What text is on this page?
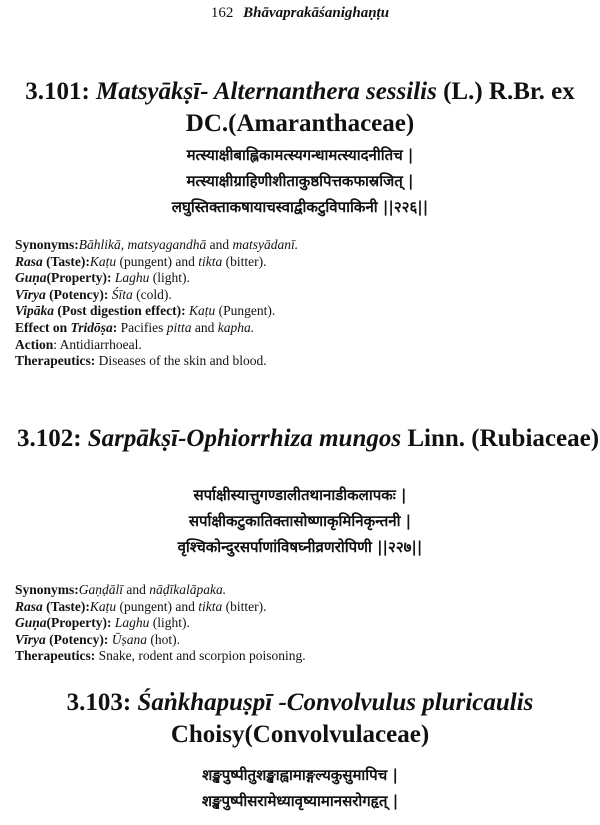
162 Bhāvaprakāśanighaṇṭu
3.101: Matsyākṣī- Alternanthera sessilis (L.) R.Br. ex
DC.(Amaranthaceae)
मत्स्याक्षीबाह्लिकामत्स्यगन्धामत्स्यादनीतिच |
मत्स्याक्षीग्राहिणीशीताकुष्ठपित्तकफास्रजित् |
लघुस्तिक्ताकषायाचस्वाद्वीकटुविपाकिनी ||२२६||
Synonyms:Bāhlikā, matsyagandhā and matsyādanī.
Rasa (Taste):Kaṭu (pungent) and tikta (bitter).
Guṇa(Property): Laghu (light).
Vīrya (Potency): Śīta (cold).
Vipāka (Post digestion effect): Kaṭu (Pungent).
Effect on Tridōṣa: Pacifies pitta and kapha.
Action: Antidiarrhoeal.
Therapeutics: Diseases of the skin and blood.
3.102: Sarpākṣī-Ophiorrhiza mungos Linn. (Rubiaceae)
सर्पाक्षीस्यात्तुगण्डालीतथानाडीकलापकः |
सर्पाक्षीकटुकातिक्तासोष्णाकृमिनिकृन्तनी |
वृश्चिकोन्दुरसर्पाणांविषघ्नीव्रणरोपिणी ||२२७||
Synonyms:Gaṇḍālī and nāḍīkalāpaka.
Rasa (Taste):Kaṭu (pungent) and tikta (bitter).
Guṇa(Property): Laghu (light).
Vīrya (Potency): Ūṣana (hot).
Therapeutics: Snake, rodent and scorpion poisoning.
3.103: Śaṅkhapuṣpī -Convolvulus pluricaulis
Choisy(Convolvulaceae)
शङ्खपुष्पीतुशङ्खाह्वामाङ्गल्यकुसुमापिच |
शङ्खपुष्पीसरामेध्यावृष्यामानसरोगहृत् |
